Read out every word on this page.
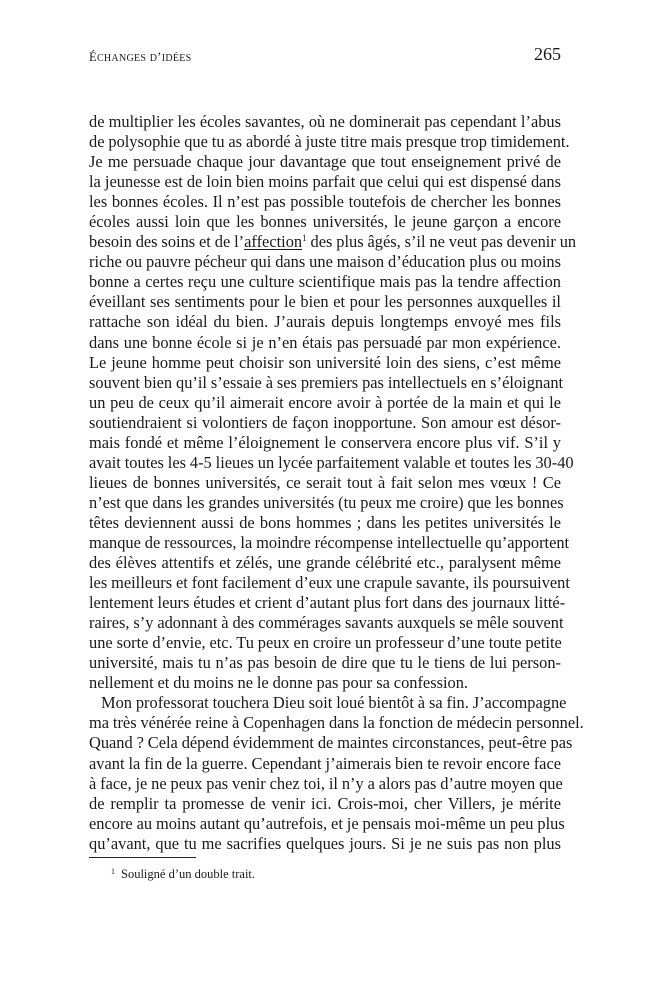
ÉCHANGES D’IDÉES	265
de multiplier les écoles savantes, où ne dominerait pas cependant l’abus
de polysophie que tu as abordé à juste titre mais presque trop timidement.
Je me persuade chaque jour davantage que tout enseignement privé de
la jeunesse est de loin bien moins parfait que celui qui est dispensé dans
les bonnes écoles. Il n’est pas possible toutefois de chercher les bonnes
écoles aussi loin que les bonnes universités, le jeune garçon a encore
besoin des soins et de l’affection$^1$ des plus âgés, s’il ne veut pas devenir un
riche ou pauvre pécheur qui dans une maison d’éducation plus ou moins
bonne a certes reçu une culture scientifique mais pas la tendre affection
éveillant ses sentiments pour le bien et pour les personnes auxquelles il
rattache son idéal du bien. J’aurais depuis longtemps envoyé mes fils
dans une bonne école si je n’en étais pas persuadé par mon expérience.
Le jeune homme peut choisir son université loin des siens, c’est même
souvent bien qu’il s’essaie à ses premiers pas intellectuels en s’éloignant
un peu de ceux qu’il aimerait encore avoir à portée de la main et qui le
soutiendraient si volontiers de façon inopportune. Son amour est désor-
mais fondé et même l’éloignement le conservera encore plus vif. S’il y
avait toutes les 4-5 lieues un lycée parfaitement valable et toutes les 30-40
lieues de bonnes universités, ce serait tout à fait selon mes vœux ! Ce
n’est que dans les grandes universités (tu peux me croire) que les bonnes
têtes deviennent aussi de bons hommes ; dans les petites universités le
manque de ressources, la moindre récompense intellectuelle qu’apportent
des élèves attentifs et zélés, une grande célébrité etc., paralysent même
les meilleurs et font facilement d’eux une crapule savante, ils poursuivent
lentement leurs études et crient d’autant plus fort dans des journaux litté-
raires, s’y adonnant à des commérages savants auxquels se mêle souvent
une sorte d’envie, etc. Tu peux en croire un professeur d’une toute petite
université, mais tu n’as pas besoin de dire que tu le tiens de lui person-
nellement et du moins ne le donne pas pour sa confession.
Mon professorat touchera Dieu soit loué bientôt à sa fin. J’accompagne
ma très vénérée reine à Copenhagen dans la fonction de médecin personnel.
Quand ? Cela dépend évidemment de maintes circonstances, peut-être pas
avant la fin de la guerre. Cependant j’aimerais bien te revoir encore face
à face, je ne peux pas venir chez toi, il n’y a alors pas d’autre moyen que
de remplir ta promesse de venir ici. Crois-moi, cher Villers, je mérite
encore au moins autant qu’autrefois, et je pensais moi-même un peu plus
qu’avant, que tu me sacrifies quelques jours. Si je ne suis pas non plus
$^1$ Souligné d’un double trait.
